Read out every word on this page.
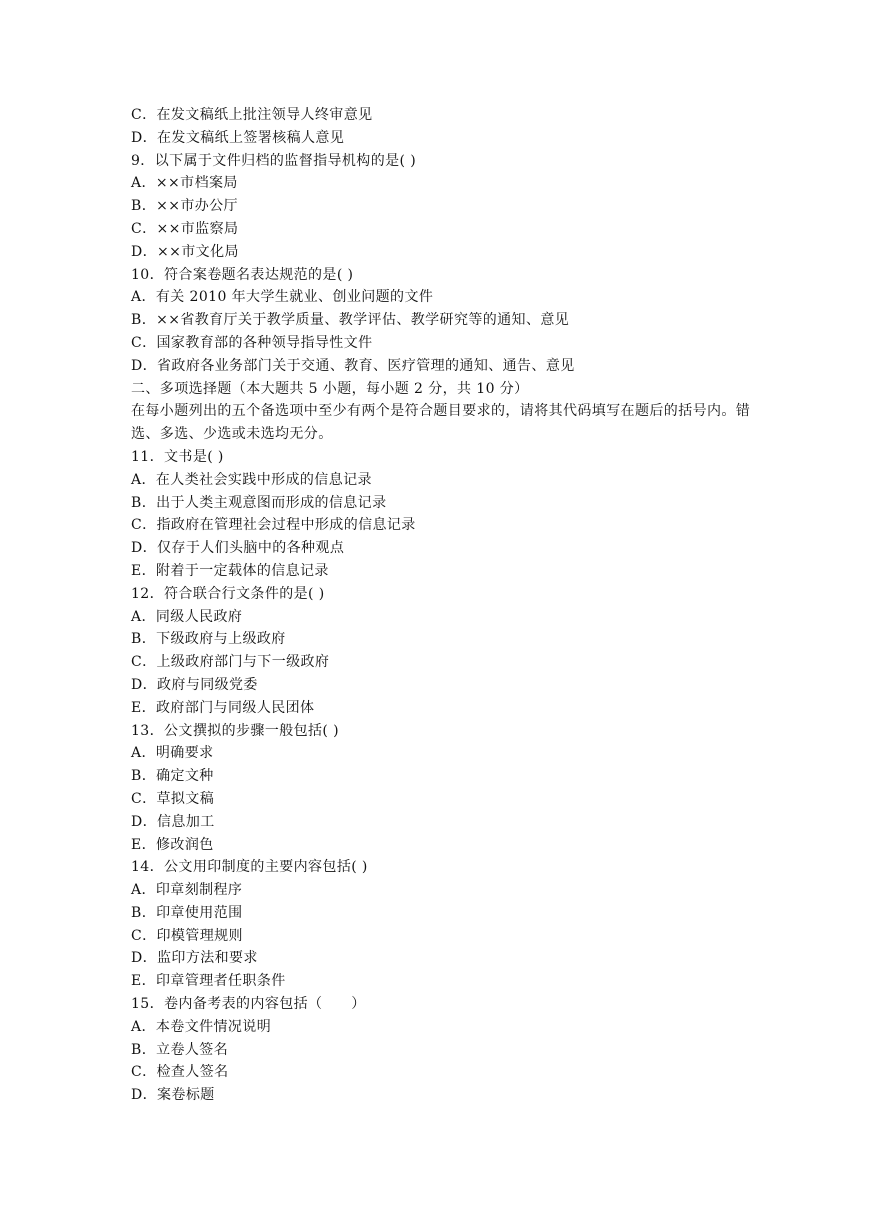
C．在发文稿纸上批注领导人终审意见
D．在发文稿纸上签署核稿人意见
9．以下属于文件归档的监督指导机构的是( )
A．××市档案局
B．××市办公厅
C．××市监察局
D．××市文化局
10．符合案卷题名表达规范的是( )
A．有关 2010 年大学生就业、创业问题的文件
B．××省教育厅关于教学质量、教学评估、教学研究等的通知、意见
C．国家教育部的各种领导指导性文件
D．省政府各业务部门关于交通、教育、医疗管理的通知、通告、意见
二、多项选择题（本大题共 5 小题，每小题 2 分，共 10 分）
在每小题列出的五个备选项中至少有两个是符合题目要求的，请将其代码填写在题后的括号内。错选、多选、少选或未选均无分。
11．文书是( )
A．在人类社会实践中形成的信息记录
B．出于人类主观意图而形成的信息记录
C．指政府在管理社会过程中形成的信息记录
D．仅存于人们头脑中的各种观点
E．附着于一定载体的信息记录
12．符合联合行文条件的是( )
A．同级人民政府
B．下级政府与上级政府
C．上级政府部门与下一级政府
D．政府与同级党委
E．政府部门与同级人民团体
13．公文撰拟的步骤一般包括( )
A．明确要求
B．确定文种
C．草拟文稿
D．信息加工
E．修改润色
14．公文用印制度的主要内容包括( )
A．印章刻制程序
B．印章使用范围
C．印模管理规则
D．监印方法和要求
E．印章管理者任职条件
15．卷内备考表的内容包括（　　）
A．本卷文件情况说明
B．立卷人签名
C．检查人签名
D．案卷标题
